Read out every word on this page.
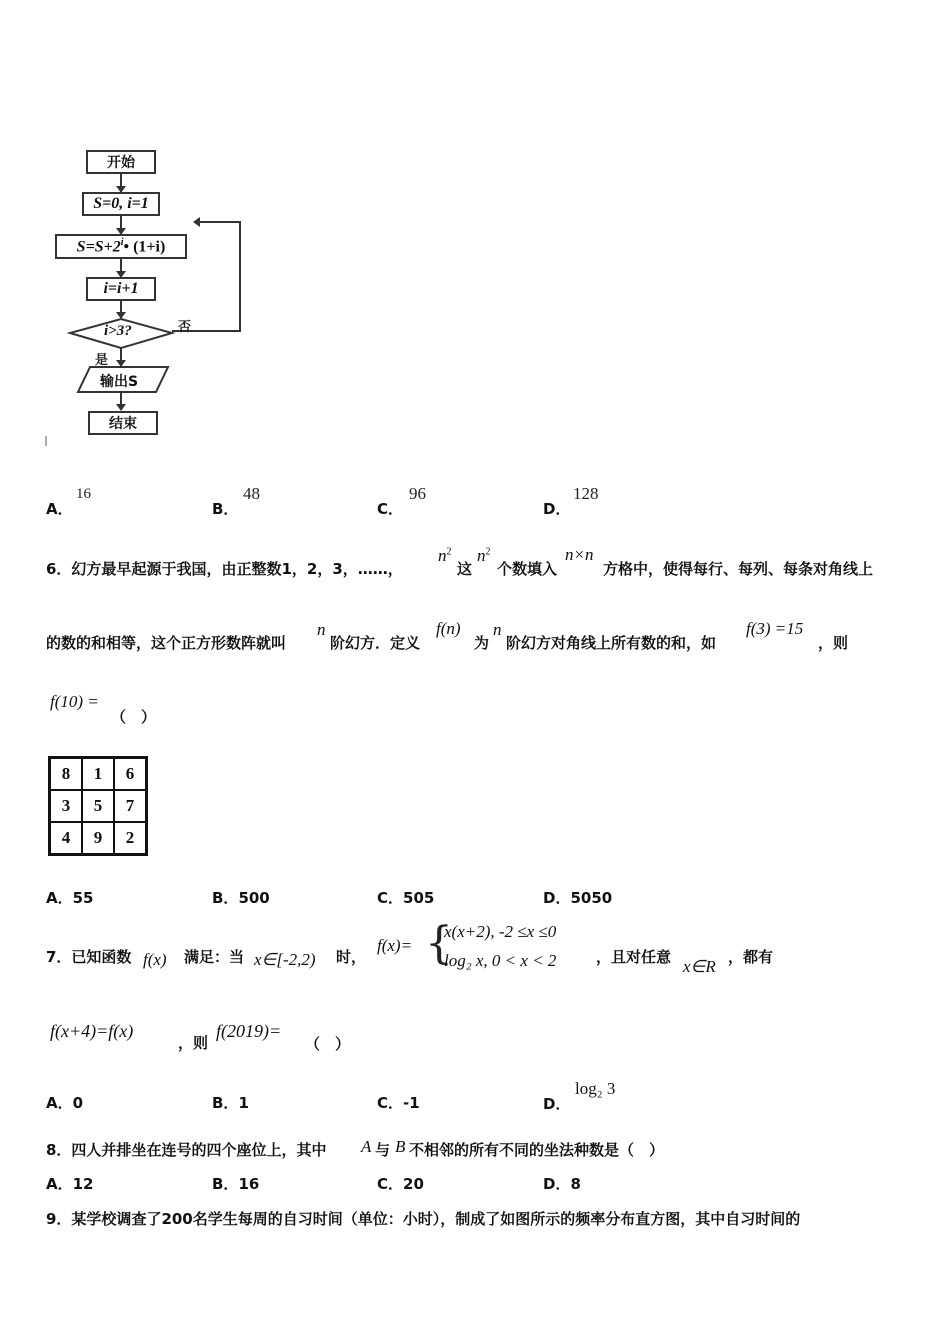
开始
S=0, i=1
$S=S+2^i•$ (1+i)
i=i+1
i>3?	否
是
输出S
结束
A．
16
B．
48
C．
96
D．
128
6．幻方最早起源于我国，由正整数1，2，3，……，
$n^2$
这
$n^2$
个数填入
n×n
方格中，使得每行、每列、每条对角线上
的数的和相等，这个正方形数阵就叫
n
阶幻方．定义
f(n)
为
n
阶幻方对角线上所有数的和，如
f(3) =15
，则
f(10) =
（　）
8	1	6
3	5	7
4	9	2
A．55	B．500	C．505	D．5050
7．已知函数 f(x) 满足：当 x∈[-2,2) 时，
f(x)= {
x(x+2), -2 ≤x ≤0
log₂ x, 0 < x < 2	，且对任意 x∈R ，都有
f(x+4)=f(x)
，则
f(2019)=
（　）
A．0	B．1	C．-1	D．
log₂ 3
8．四人并排坐在连号的四个座位上，其中 A 与 B 不相邻的所有不同的坐法种数是（　）
A．12	B．16	C．20	D．8
9．某学校调查了200名学生每周的自习时间（单位：小时），制成了如图所示的频率分布直方图，其中自习时间的
